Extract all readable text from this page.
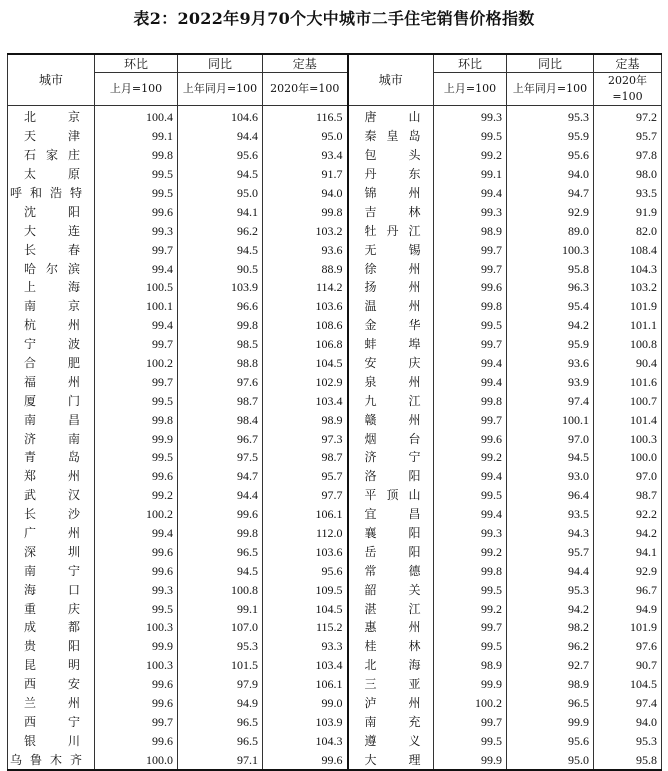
表2：2022年9月70个大中城市二手住宅销售价格指数
城市	环比	同比	定基	城市	环比	同比	定基
	上月=100	上年同月=100	2020年=100		上月=100	上年同月=100	2020年=100
北　京	100.4	104.6	116.5	唐　山	99.3	95.3	97.2
天　津	99.1	94.4	95.0	秦皇岛	99.5	95.9	95.7
石家庄	99.8	95.6	93.4	包　头	99.2	95.6	97.8
太　原	99.5	94.5	91.7	丹　东	99.1	94.0	98.0
呼和浩特	99.5	95.0	94.0	锦　州	99.4	94.7	93.5
沈　阳	99.6	94.1	99.8	吉　林	99.3	92.9	91.9
大　连	99.3	96.2	103.2	牡丹江	98.9	89.0	82.0
长　春	99.7	94.5	93.6	无　锡	99.7	100.3	108.4
哈尔滨	99.4	90.5	88.9	徐　州	99.7	95.8	104.3
上　海	100.5	103.9	114.2	扬　州	99.6	96.3	103.2
南　京	100.1	96.6	103.6	温　州	99.8	95.4	101.9
杭　州	99.4	99.8	108.6	金　华	99.5	94.2	101.1
宁　波	99.7	98.5	106.8	蚌　埠	99.7	95.9	100.8
合　肥	100.2	98.8	104.5	安　庆	99.4	93.6	90.4
福　州	99.7	97.6	102.9	泉　州	99.4	93.9	101.6
厦　门	99.5	98.7	103.4	九　江	99.8	97.4	100.7
南　昌	99.8	98.4	98.9	赣　州	99.7	100.1	101.4
济　南	99.9	96.7	97.3	烟　台	99.6	97.0	100.3
青　岛	99.5	97.5	98.7	济　宁	99.2	94.5	100.0
郑　州	99.6	94.7	95.7	洛　阳	99.4	93.0	97.0
武　汉	99.2	94.4	97.7	平顶山	99.5	96.4	98.7
长　沙	100.2	99.6	106.1	宜　昌	99.4	93.5	92.2
广　州	99.4	99.8	112.0	襄　阳	99.3	94.3	94.2
深　圳	99.6	96.5	103.6	岳　阳	99.2	95.7	94.1
南　宁	99.6	94.5	95.6	常　德	99.8	94.4	92.9
海　口	99.3	100.8	109.5	韶　关	99.5	95.3	96.7
重　庆	99.5	99.1	104.5	湛　江	99.2	94.2	94.9
成　都	100.3	107.0	115.2	惠　州	99.7	98.2	101.9
贵　阳	99.9	95.3	93.3	桂　林	99.5	96.2	97.6
昆　明	100.3	101.5	103.4	北　海	98.9	92.7	90.7
西　安	99.6	97.9	106.1	三　亚	99.9	98.9	104.5
兰　州	99.6	94.9	99.0	泸　州	100.2	96.5	97.4
西　宁	99.7	96.5	103.9	南　充	99.7	99.9	94.0
银　川	99.6	96.5	104.3	遵　义	99.5	95.6	95.3
乌鲁木齐	100.0	97.1	99.6	大　理	99.9	95.0	95.8
